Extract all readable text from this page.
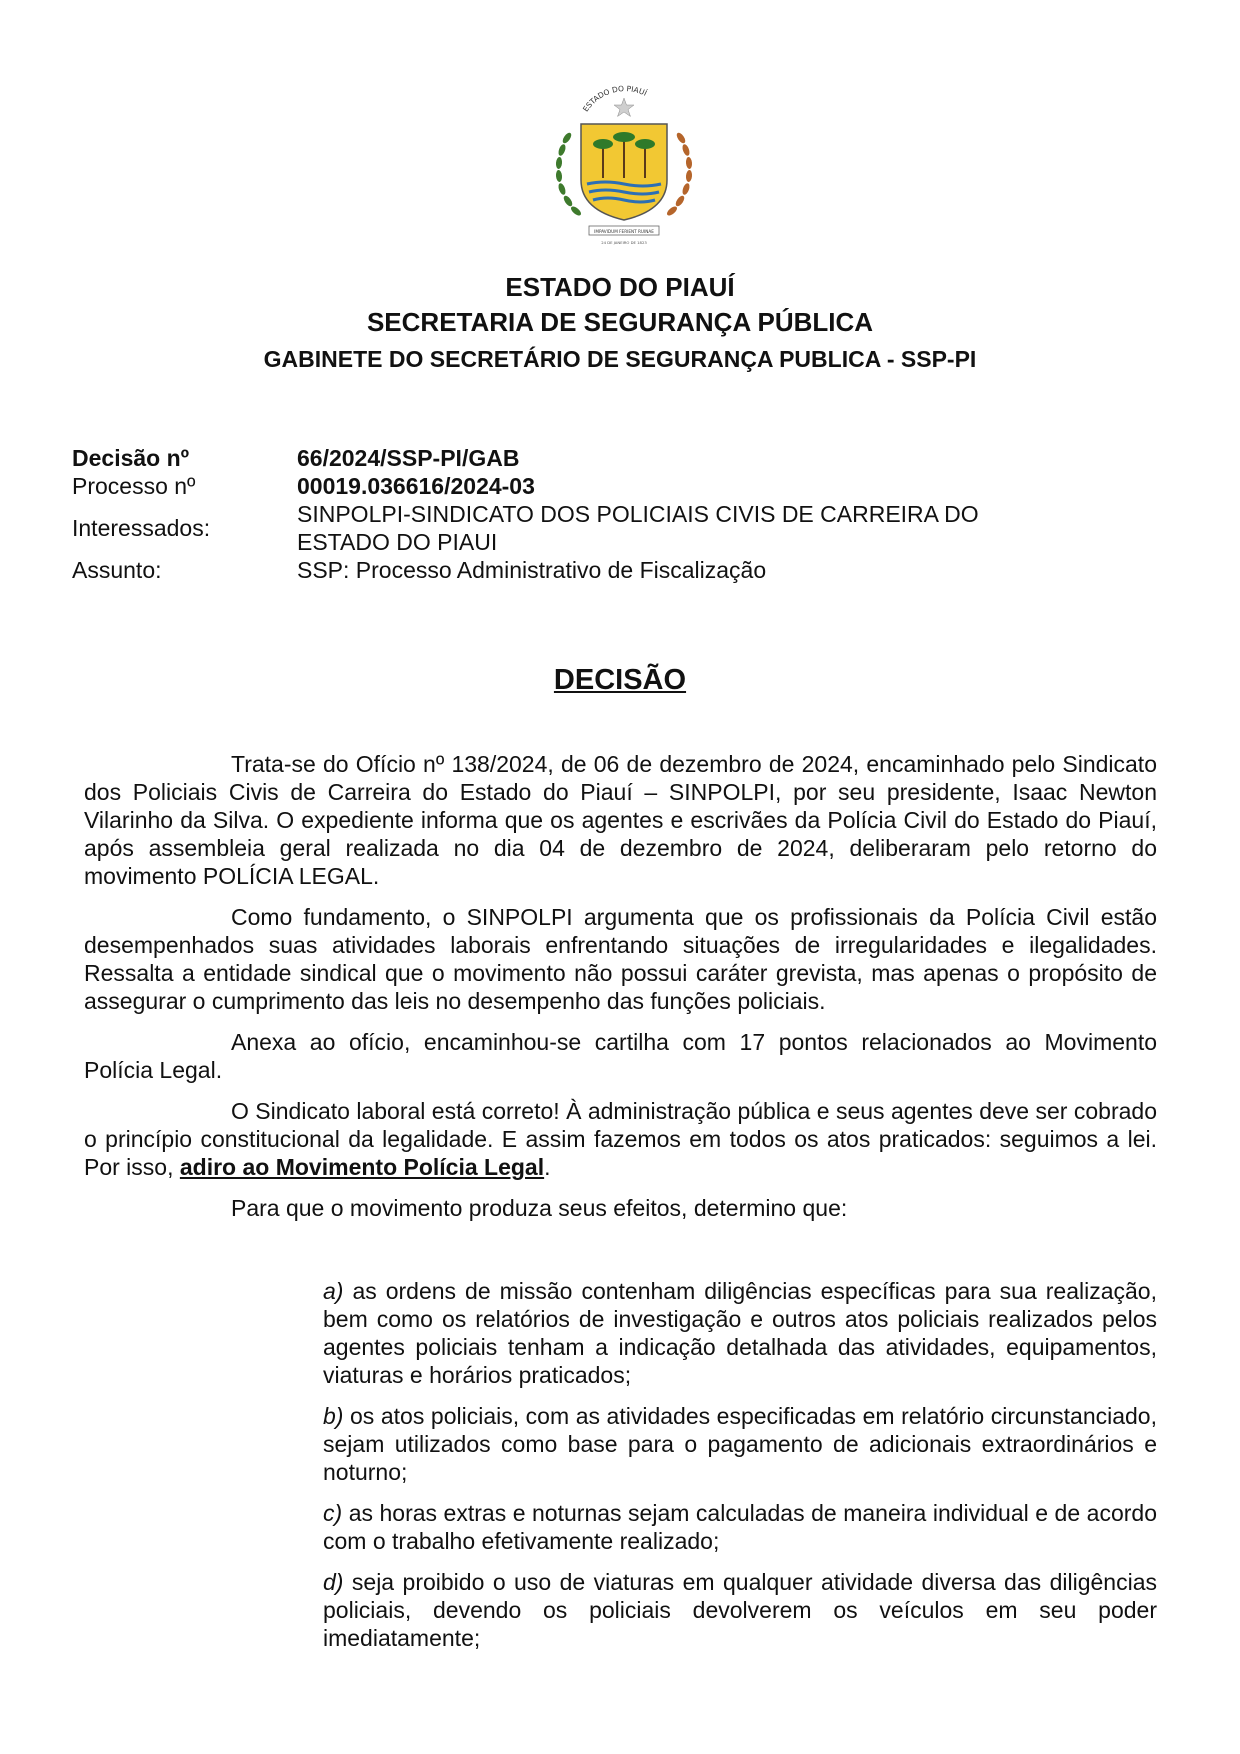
ESTADO DO PIAUÍ
IMPAVIDUM FERIENT RUINAE
24 DE JANEIRO DE 1823
ESTADO DO PIAUÍ
SECRETARIA DE SEGURANÇA PÚBLICA
GABINETE DO SECRETÁRIO DE SEGURANÇA PUBLICA - SSP-PI
Decisão nº	66/2024/SSP-PI/GAB
Processo nº	00019.036616/2024-03
Interessados:
SINPOLPI-SINDICATO DOS POLICIAIS CIVIS DE CARREIRA DO
ESTADO DO PIAUI
Assunto:	SSP: Processo Administrativo de Fiscalização
DECISÃO

Trata-se do Ofício nº 138/2024, de 06 de dezembro de 2024, encaminhado pelo Sindicato dos Policiais Civis de Carreira do Estado do Piauí – SINPOLPI, por seu presidente, Isaac Newton Vilarinho da Silva. O expediente informa que os agentes e escrivães da Polícia Civil do Estado do Piauí, após assembleia geral realizada no dia 04 de dezembro de 2024, deliberaram pelo retorno do movimento POLÍCIA LEGAL.

Como fundamento, o SINPOLPI argumenta que os profissionais da Polícia Civil estão desempenhados suas atividades laborais enfrentando situações de irregularidades e ilegalidades. Ressalta a entidade sindical que o movimento não possui caráter grevista, mas apenas o propósito de assegurar o cumprimento das leis no desempenho das funções policiais.

Anexa ao ofício, encaminhou-se cartilha com 17 pontos relacionados ao Movimento Polícia Legal.

O Sindicato laboral está correto! À administração pública e seus agentes deve ser cobrado o princípio constitucional da legalidade. E assim fazemos em todos os atos praticados: seguimos a lei. Por isso, adiro ao Movimento Polícia Legal.

Para que o movimento produza seus efeitos, determino que:

a) as ordens de missão contenham diligências específicas para sua realização, bem como os relatórios de investigação e outros atos policiais realizados pelos agentes policiais tenham a indicação detalhada das atividades, equipamentos, viaturas e horários praticados;

b) os atos policiais, com as atividades especificadas em relatório circunstanciado, sejam utilizados como base para o pagamento de adicionais extraordinários e noturno;

c) as horas extras e noturnas sejam calculadas de maneira individual e de acordo com o trabalho efetivamente realizado;

d) seja proibido o uso de viaturas em qualquer atividade diversa das diligências policiais, devendo os policiais devolverem os veículos em seu poder imediatamente;
